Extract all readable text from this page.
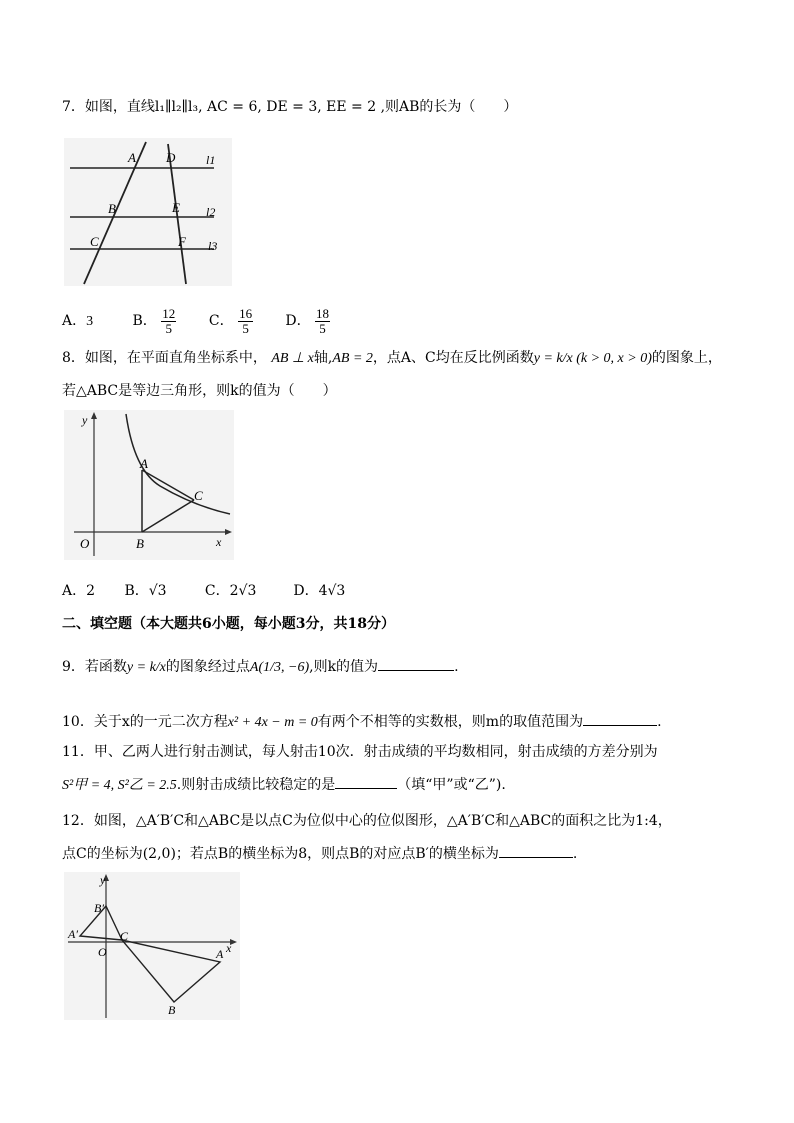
7．如图，直线l₁∥l₂∥l₃, AC = 6, DE = 3, EE = 2 ,则AB的长为（　　）
A D	l1
B	E l2
C	F l3
A．3	B． $\frac{12}{5}$ C． $\frac{16}{5}$ D． $\frac{18}{5}$
8．如图，在平面直角坐标系中， AB ⊥ x轴,AB = 2，点A、C均在反比例函数y = k/x (k > 0, x > 0)的图象上，
若△ABC是等边三角形，则k的值为（　　）
y
A
C
O	B	x
A．2 B．√3	C．2√3	D．4√3
二、填空题（本大题共6小题，每小题3分，共18分）
9．若函数y = k/x的图象经过点A(1/3, −6),则k的值为	.
10．关于x的一元二次方程x² + 4x − m = 0有两个不相等的实数根，则m的取值范围为	.
11．甲、乙两人进行射击测试，每人射击10次．射击成绩的平均数相同，射击成绩的方差分别为
S²甲 = 4, S²乙 = 2.5.则射击成绩比较稳定的是	（填“甲”或“乙”).
12．如图，△A′B′C和△ABC是以点C为位似中心的位似图形，△A′B′C和△ABC的面积之比为1:4，
点C的坐标为(2,0)；若点B的横坐标为8，则点B的对应点B′的横坐标为	.
y
B′
A′	C
O	x
A
B
